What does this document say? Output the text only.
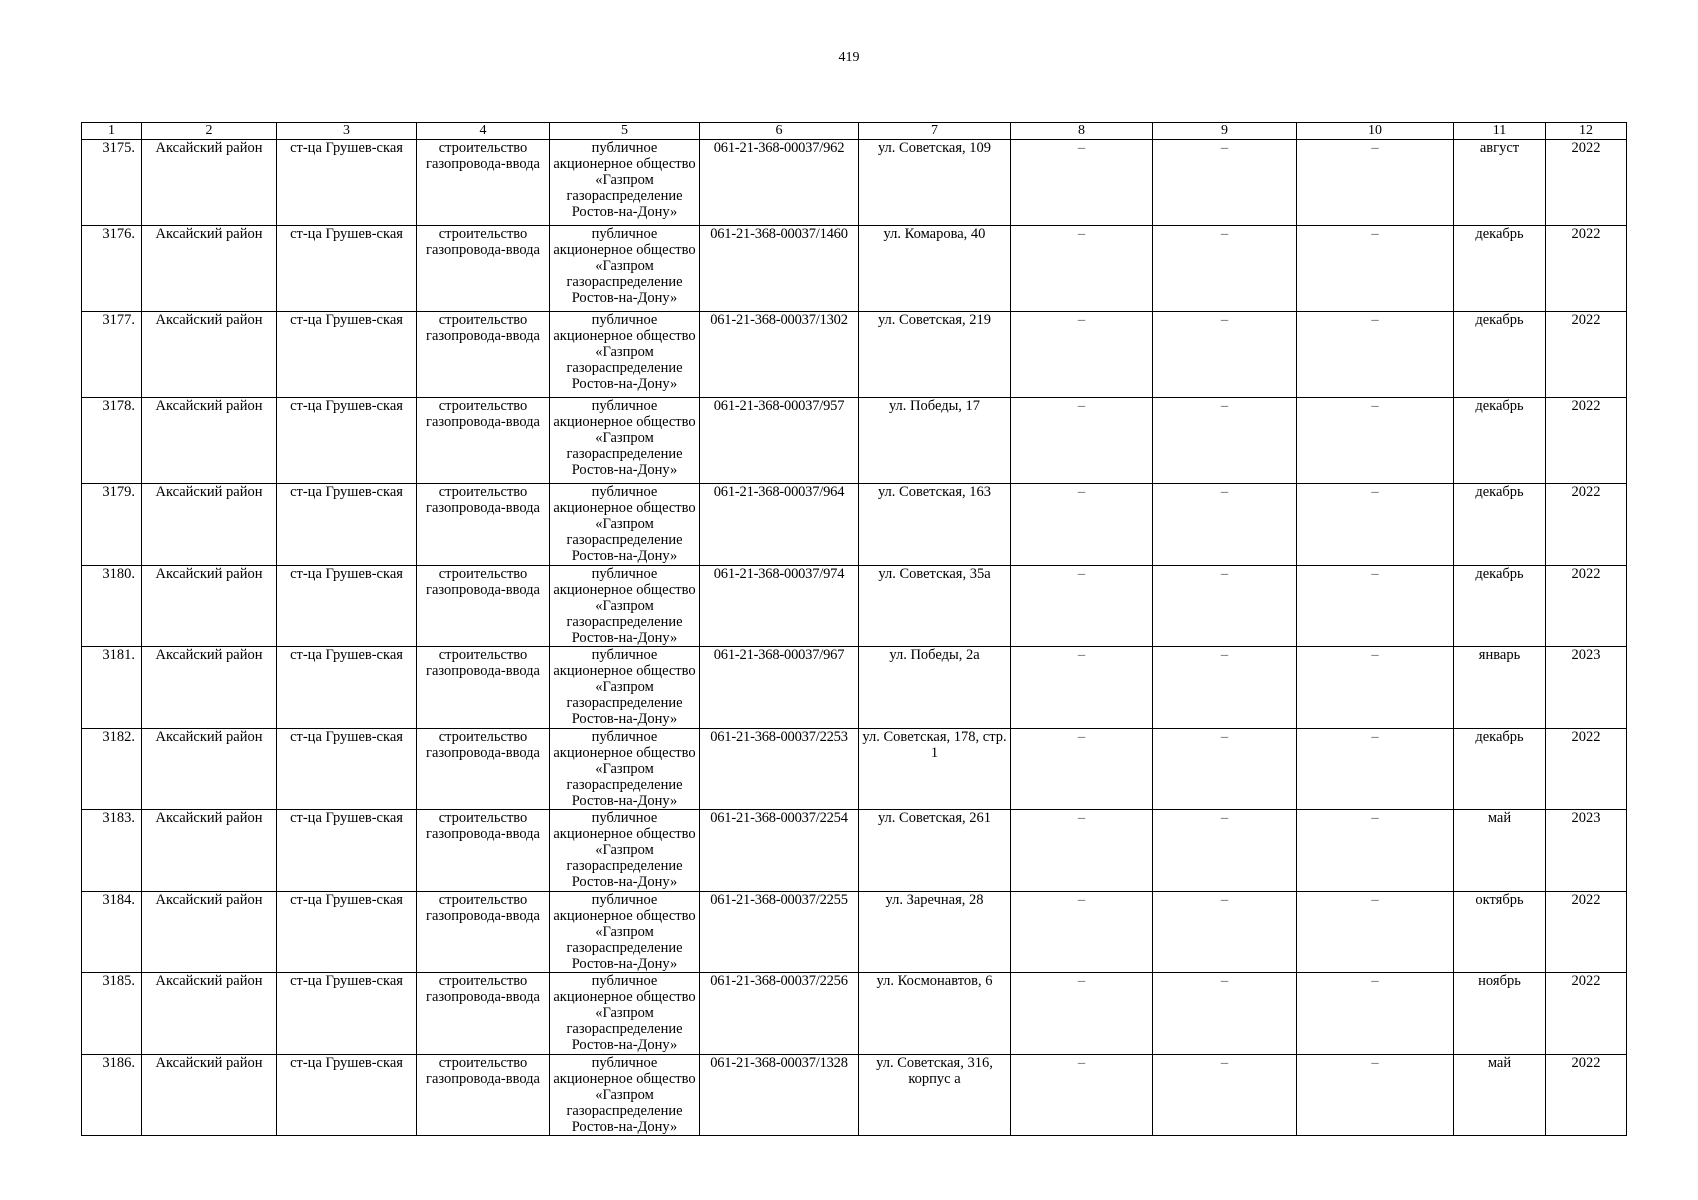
419
1	2	3	4	5	6	7	8	9	10	11	12
3175.	Аксайский район	ст-ца Грушев-ская	строительство газопровода-ввода	публичное акционерное общество «Газпром газораспределение Ростов-на-Дону»	061-21-368-00037/962	ул. Советская, 109	–	–	–	август	2022
3176.	Аксайский район	ст-ца Грушев-ская	строительство газопровода-ввода	публичное акционерное общество «Газпром газораспределение Ростов-на-Дону»	061-21-368-00037/1460	ул. Комарова, 40	–	–	–	декабрь	2022
3177.	Аксайский район	ст-ца Грушев-ская	строительство газопровода-ввода	публичное акционерное общество «Газпром газораспределение Ростов-на-Дону»	061-21-368-00037/1302	ул. Советская, 219	–	–	–	декабрь	2022
3178.	Аксайский район	ст-ца Грушев-ская	строительство газопровода-ввода	публичное акционерное общество «Газпром газораспределение Ростов-на-Дону»	061-21-368-00037/957	ул. Победы, 17	–	–	–	декабрь	2022
3179.	Аксайский район	ст-ца Грушев-ская	строительство газопровода-ввода	публичное акционерное общество «Газпром газораспределение Ростов-на-Дону»	061-21-368-00037/964	ул. Советская, 163	–	–	–	декабрь	2022
3180.	Аксайский район	ст-ца Грушев-ская	строительство газопровода-ввода	публичное акционерное общество «Газпром газораспределение Ростов-на-Дону»	061-21-368-00037/974	ул. Советская, 35а	–	–	–	декабрь	2022
3181.	Аксайский район	ст-ца Грушев-ская	строительство газопровода-ввода	публичное акционерное общество «Газпром газораспределение Ростов-на-Дону»	061-21-368-00037/967	ул. Победы, 2а	–	–	–	январь	2023
3182.	Аксайский район	ст-ца Грушев-ская	строительство газопровода-ввода	публичное акционерное общество «Газпром газораспределение Ростов-на-Дону»	061-21-368-00037/2253	ул. Советская, 178, стр. 1	–	–	–	декабрь	2022
3183.	Аксайский район	ст-ца Грушев-ская	строительство газопровода-ввода	публичное акционерное общество «Газпром газораспределение Ростов-на-Дону»	061-21-368-00037/2254	ул. Советская, 261	–	–	–	май	2023
3184.	Аксайский район	ст-ца Грушев-ская	строительство газопровода-ввода	публичное акционерное общество «Газпром газораспределение Ростов-на-Дону»	061-21-368-00037/2255	ул. Заречная, 28	–	–	–	октябрь	2022
3185.	Аксайский район	ст-ца Грушев-ская	строительство газопровода-ввода	публичное акционерное общество «Газпром газораспределение Ростов-на-Дону»	061-21-368-00037/2256	ул. Космонавтов, 6	–	–	–	ноябрь	2022
3186.	Аксайский район	ст-ца Грушев-ская	строительство газопровода-ввода	публичное акционерное общество «Газпром газораспределение Ростов-на-Дону»	061-21-368-00037/1328	ул. Советская, 316, корпус а	–	–	–	май	2022
